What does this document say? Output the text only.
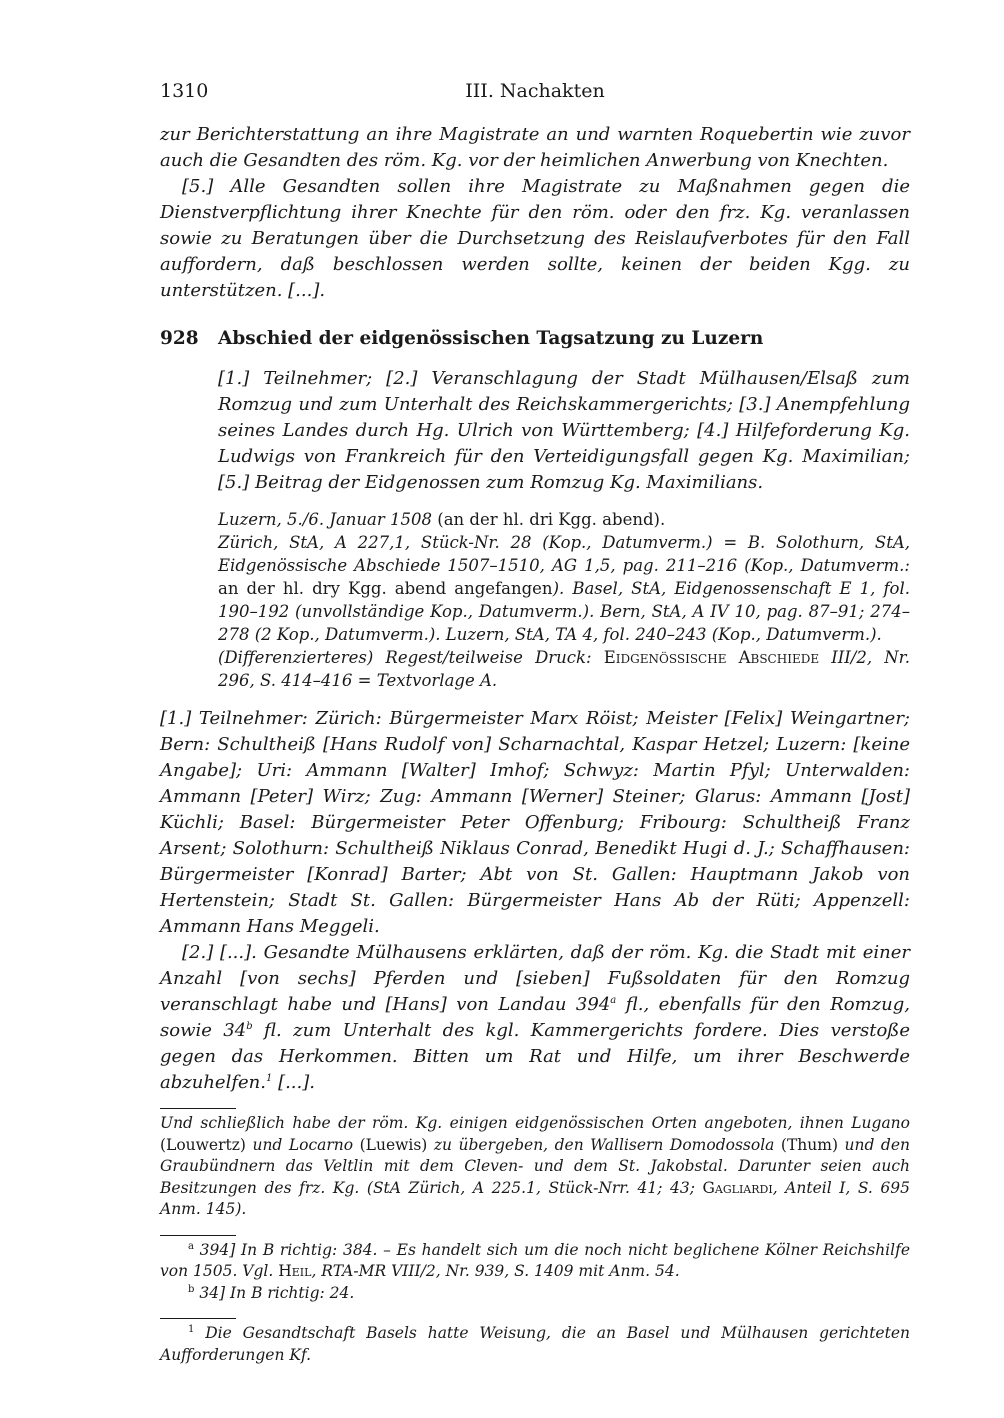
1310	III. Nachakten

zur Berichterstattung an ihre Magistrate an und warnten Roquebertin wie zuvor auch die Gesandten des röm. Kg. vor der heimlichen Anwerbung von Knechten.

[5.] Alle Gesandten sollen ihre Magistrate zu Maßnahmen gegen die Dienstverpflichtung ihrer Knechte für den röm. oder den frz. Kg. veranlassen sowie zu Beratungen über die Durchsetzung des Reislaufverbotes für den Fall auffordern, daß beschlossen werden sollte, keinen der beiden Kgg. zu unterstützen. [...].

928	Abschied der eidgenössischen Tagsatzung zu Luzern

[1.] Teilnehmer; [2.] Veranschlagung der Stadt Mülhausen/Elsaß zum Romzug und zum Unterhalt des Reichskammergerichts; [3.] Anempfehlung seines Landes durch Hg. Ulrich von Württemberg; [4.] Hilfeforderung Kg. Ludwigs von Frankreich für den Verteidigungsfall gegen Kg. Maximilian; [5.] Beitrag der Eidgenossen zum Romzug Kg. Maximilians.

Luzern, 5./6. Januar 1508 (an der hl. dri Kgg. abend).

Zürich, StA, A 227,1, Stück-Nr. 28 (Kop., Datumverm.) = B. Solothurn, StA, Eidgenössische Abschiede 1507–1510, AG 1,5, pag. 211–216 (Kop., Datumverm.: an der hl. dry Kgg. abend angefangen). Basel, StA, Eidgenossenschaft E 1, fol. 190–192 (unvollständige Kop., Datumverm.). Bern, StA, A IV 10, pag. 87–91; 274–278 (2 Kop., Datumverm.). Luzern, StA, TA 4, fol. 240–243 (Kop., Datumverm.).

(Differenzierteres) Regest/teilweise Druck: Eidgenössische Abschiede III/2, Nr. 296, S. 414–416 = Textvorlage A.

[1.] Teilnehmer: Zürich: Bürgermeister Marx Röist; Meister [Felix] Weingartner; Bern: Schultheiß [Hans Rudolf von] Scharnachtal, Kaspar Hetzel; Luzern: [keine Angabe]; Uri: Ammann [Walter] Imhof; Schwyz: Martin Pfyl; Unterwalden: Ammann [Peter] Wirz; Zug: Ammann [Werner] Steiner; Glarus: Ammann [Jost] Küchli; Basel: Bürgermeister Peter Offenburg; Fribourg: Schultheiß Franz Arsent; Solothurn: Schultheiß Niklaus Conrad, Benedikt Hugi d. J.; Schaffhausen: Bürgermeister [Konrad] Barter; Abt von St. Gallen: Hauptmann Jakob von Hertenstein; Stadt St. Gallen: Bürgermeister Hans Ab der Rüti; Appenzell: Ammann Hans Meggeli.

[2.] [...]. Gesandte Mülhausens erklärten, daß der röm. Kg. die Stadt mit einer Anzahl [von sechs] Pferden und [sieben] Fußsoldaten für den Romzug veranschlagt habe und [Hans] von Landau 394$^a$ fl., ebenfalls für den Romzug, sowie 34$^b$ fl. zum Unterhalt des kgl. Kammergerichts fordere. Dies verstoße gegen das Herkommen. Bitten um Rat und Hilfe, um ihrer Beschwerde abzuhelfen.$^1$ [...].

Und schließlich habe der röm. Kg. einigen eidgenössischen Orten angeboten, ihnen Lugano (Louwertz) und Locarno (Luewis) zu übergeben, den Wallisern Domodossola (Thum) und den Graubündnern das Veltlin mit dem Cleven- und dem St. Jakobstal. Darunter seien auch Besitzungen des frz. Kg. (StA Zürich, A 225.1, Stück-Nrr. 41; 43; Gagliardi, Anteil I, S. 695 Anm. 145).

$^a$ 394] In B richtig: 384. – Es handelt sich um die noch nicht beglichene Kölner Reichshilfe von 1505. Vgl. Heil, RTA-MR VIII/2, Nr. 939, S. 1409 mit Anm. 54.

$^b$ 34] In B richtig: 24.

$^1$ Die Gesandtschaft Basels hatte Weisung, die an Basel und Mülhausen gerichteten Aufforderungen Kf.
